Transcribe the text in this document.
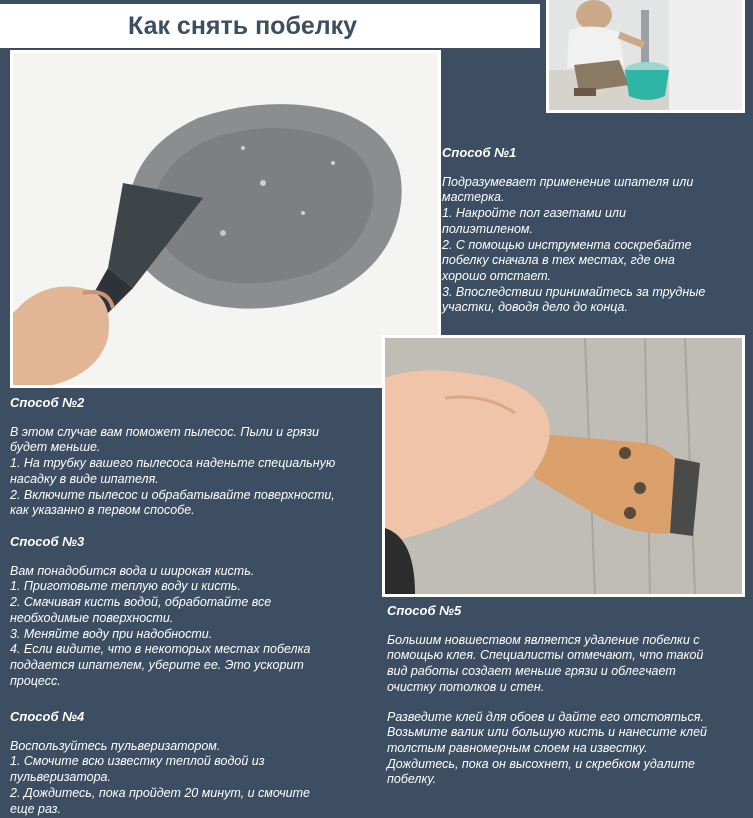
Как снять побелку
Способ №1
Подразумевает применение шпателя или
мастерка.
1. Накройте пол газетами или
полиэтиленом.
2. С помощью инструмента соскребайте
побелку сначала в тех местах, где она
хорошо отстает.
3. Впоследствии принимайтесь за трудные
участки, доводя дело до конца.
Способ №2
В этом случае вам поможет пылесос. Пыли и грязи
будет меньше.
1. На трубку вашего пылесоса наденьте специальную
насадку в виде шпателя.
2. Включите пылесос и обрабатывайте поверхности,
как указанно в первом способе.
Способ №3
Вам понадобится вода и широкая кисть.
1. Приготовьте теплую воду и кисть.
2. Смачивая кисть водой, обработайте все
необходимые поверхности.
3. Меняйте воду при надобности.
4. Если видите, что в некоторых местах побелка
поддается шпателем, уберите ее. Это ускорит
процесс.
Способ №4
Воспользуйтесь пульверизатором.
1. Смочите всю известку теплой водой из
пульверизатора.
2. Дождитесь, пока пройдет 20 минут, и смочите
еще раз.
Способ №5
Большим новшеством является удаление побелки с
помощью клея. Специалисты отмечают, что такой
вид работы создает меньше грязи и облегчает
очистку потолков и стен.
Разведите клей для обоев и дайте его отстояться.
Возьмите валик или большую кисть и нанесите клей
толстым равномерным слоем на известку.
Дождитесь, пока он высохнет, и скребком удалите
побелку.
